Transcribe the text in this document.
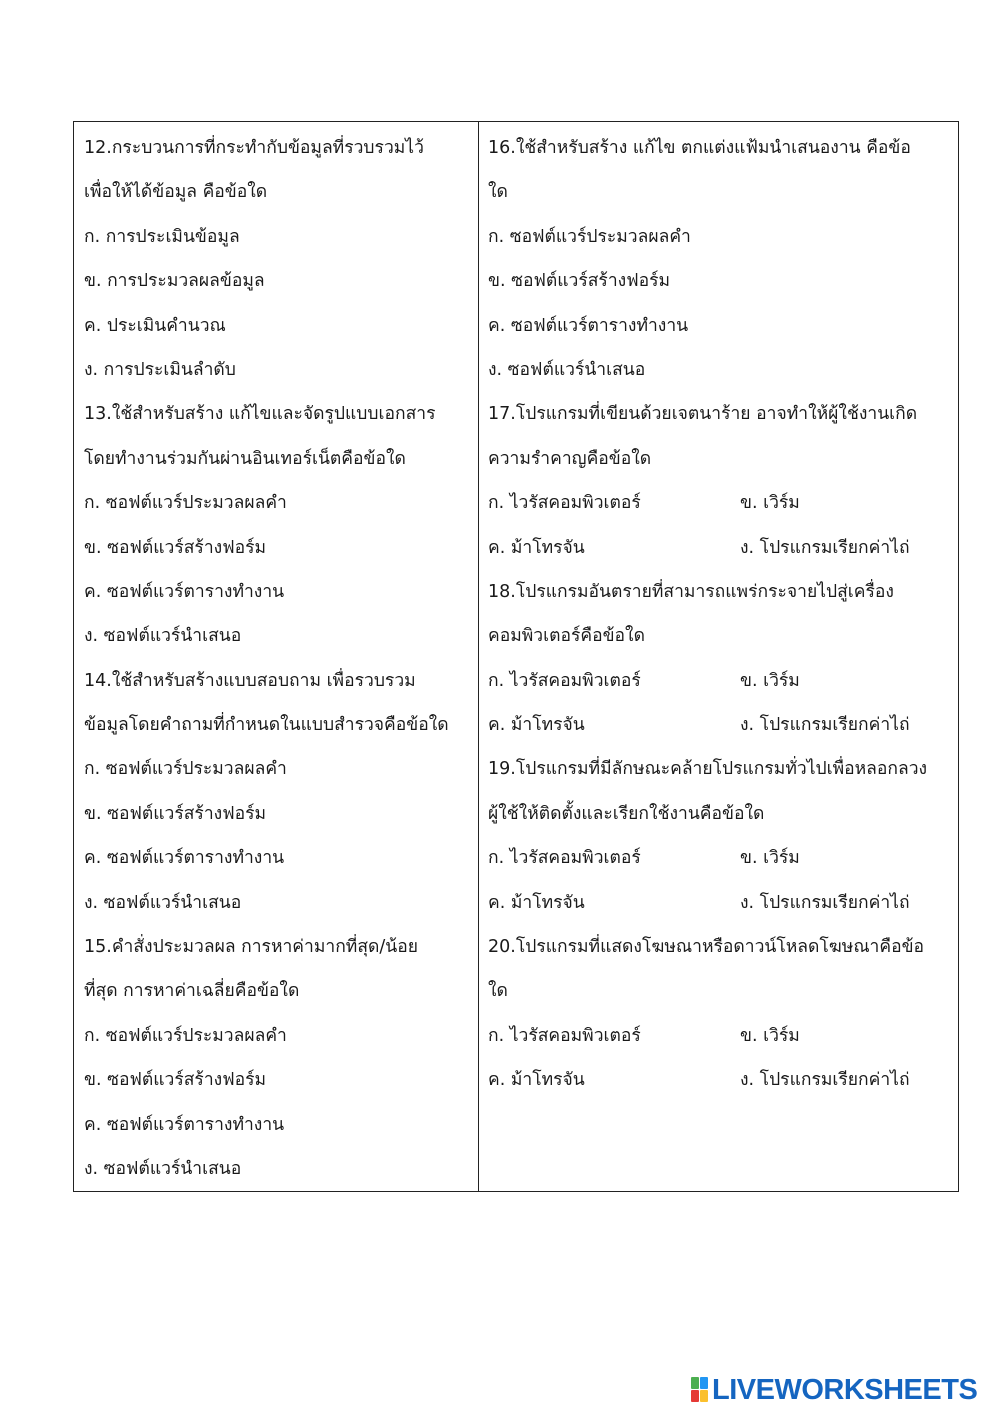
12.กระบวนการที่กระทำกับข้อมูลที่รวบรวมไว้
เพื่อให้ได้ข้อมูล คือข้อใด
ก. การประเมินข้อมูล
ข. การประมวลผลข้อมูล
ค. ประเมินคำนวณ
ง. การประเมินลำดับ
13.ใช้สำหรับสร้าง แก้ไขและจัดรูปแบบเอกสาร
โดยทำงานร่วมกันผ่านอินเทอร์เน็ตคือข้อใด
ก. ซอฟต์แวร์ประมวลผลคำ
ข. ซอฟต์แวร์สร้างฟอร์ม
ค. ซอฟต์แวร์ตารางทำงาน
ง. ซอฟต์แวร์นำเสนอ
14.ใช้สำหรับสร้างแบบสอบถาม เพื่อรวบรวม
ข้อมูลโดยคำถามที่กำหนดในแบบสำรวจคือข้อใด
ก. ซอฟต์แวร์ประมวลผลคำ
ข. ซอฟต์แวร์สร้างฟอร์ม
ค. ซอฟต์แวร์ตารางทำงาน
ง. ซอฟต์แวร์นำเสนอ
15.คำสั่งประมวลผล การหาค่ามากที่สุด/น้อย
ที่สุด การหาค่าเฉลี่ยคือข้อใด
ก. ซอฟต์แวร์ประมวลผลคำ
ข. ซอฟต์แวร์สร้างฟอร์ม
ค. ซอฟต์แวร์ตารางทำงาน
ง. ซอฟต์แวร์นำเสนอ
16.ใช้สำหรับสร้าง แก้ไข ตกแต่งแฟ้มนำเสนองาน คือข้อ
ใด
ก. ซอฟต์แวร์ประมวลผลคำ
ข. ซอฟต์แวร์สร้างฟอร์ม
ค. ซอฟต์แวร์ตารางทำงาน
ง. ซอฟต์แวร์นำเสนอ
17.โปรแกรมที่เขียนด้วยเจตนาร้าย อาจทำให้ผู้ใช้งานเกิด
ความรำคาญคือข้อใด
ก. ไวรัสคอมพิวเตอร์	ข. เวิร์ม
ค. ม้าโทรจัน	ง. โปรแกรมเรียกค่าไถ่
18.โปรแกรมอันตรายที่สามารถแพร่กระจายไปสู่เครื่อง
คอมพิวเตอร์คือข้อใด
ก. ไวรัสคอมพิวเตอร์	ข. เวิร์ม
ค. ม้าโทรจัน	ง. โปรแกรมเรียกค่าไถ่
19.โปรแกรมที่มีลักษณะคล้ายโปรแกรมทั่วไปเพื่อหลอกลวง
ผู้ใช้ให้ติดตั้งและเรียกใช้งานคือข้อใด
ก. ไวรัสคอมพิวเตอร์	ข. เวิร์ม
ค. ม้าโทรจัน	ง. โปรแกรมเรียกค่าไถ่
20.โปรแกรมที่แสดงโฆษณาหรือดาวน์โหลดโฆษณาคือข้อ
ใด
ก. ไวรัสคอมพิวเตอร์	ข. เวิร์ม
ค. ม้าโทรจัน	ง. โปรแกรมเรียกค่าไถ่
LIVEWORKSHEETS
